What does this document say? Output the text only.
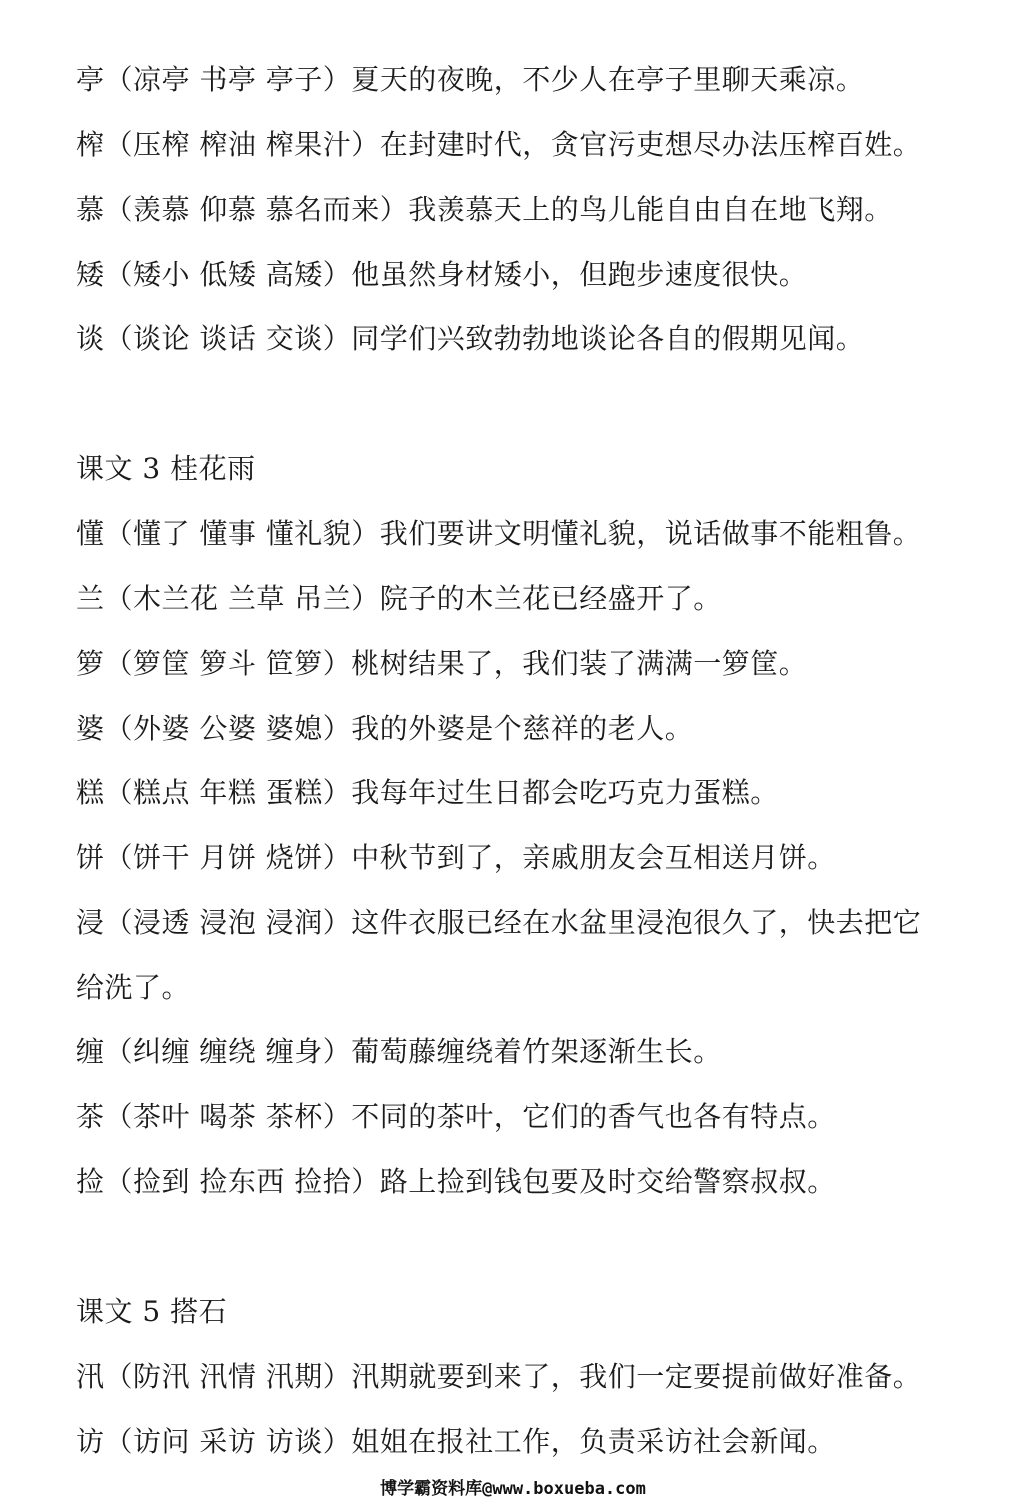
亭（凉亭 书亭 亭子）夏天的夜晚，不少人在亭子里聊天乘凉。
榨（压榨 榨油 榨果汁）在封建时代，贪官污吏想尽办法压榨百姓。
慕（羡慕 仰慕 慕名而来）我羡慕天上的鸟儿能自由自在地飞翔。
矮（矮小 低矮 高矮）他虽然身材矮小，但跑步速度很快。
谈（谈论 谈话 交谈）同学们兴致勃勃地谈论各自的假期见闻。
课文 3 桂花雨
懂（懂了 懂事 懂礼貌）我们要讲文明懂礼貌，说话做事不能粗鲁。
兰（木兰花 兰草 吊兰）院子的木兰花已经盛开了。
箩（箩筐 箩斗 笸箩）桃树结果了，我们装了满满一箩筐。
婆（外婆 公婆 婆媳）我的外婆是个慈祥的老人。
糕（糕点 年糕 蛋糕）我每年过生日都会吃巧克力蛋糕。
饼（饼干 月饼 烧饼）中秋节到了，亲戚朋友会互相送月饼。
浸（浸透 浸泡 浸润）这件衣服已经在水盆里浸泡很久了，快去把它
给洗了。
缠（纠缠 缠绕 缠身）葡萄藤缠绕着竹架逐渐生长。
茶（茶叶 喝茶 茶杯）不同的茶叶，它们的香气也各有特点。
捡（捡到 捡东西 捡拾）路上捡到钱包要及时交给警察叔叔。
课文 5 搭石
汛（防汛 汛情 汛期）汛期就要到来了，我们一定要提前做好准备。
访（访问 采访 访谈）姐姐在报社工作，负责采访社会新闻。
博学霸资料库@www.boxueba.com
